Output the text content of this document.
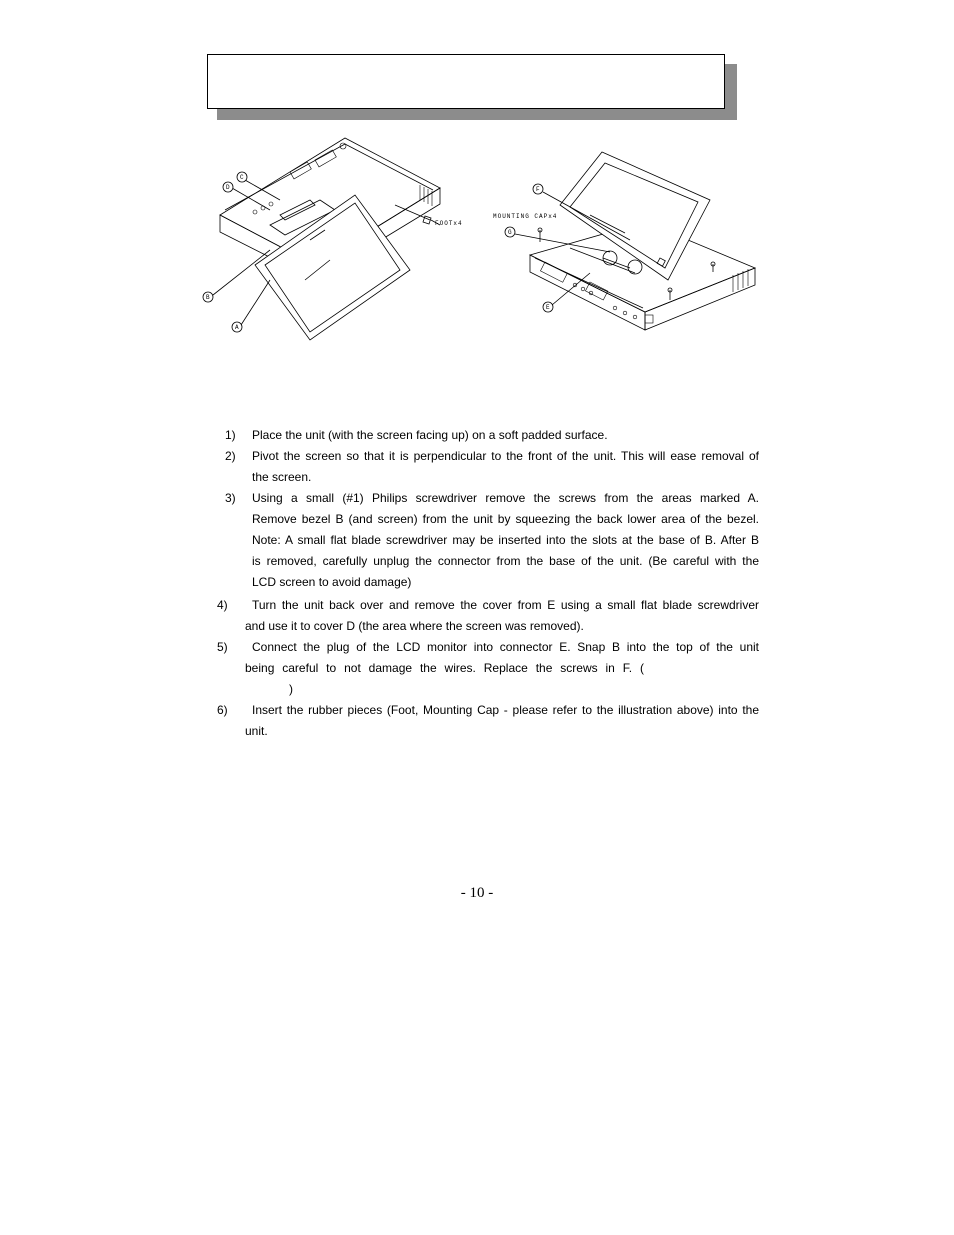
C
D
B
A
FOOTx4
F
G
E
MOUNTING CAPx4
1) Place the unit (with the screen facing up) on a soft padded surface.
2) Pivot the screen so that it is perpendicular to the front of the unit. This will ease removal of
the screen.
3) Using a small (#1) Philips screwdriver remove the screws from the areas marked A.
Remove bezel B (and screen) from the unit by squeezing the back lower area of the bezel.
Note: A small flat blade screwdriver may be inserted into the slots at the base of B. After B
is removed, carefully unplug the connector from the base of the unit. (Be careful with the
LCD screen to avoid damage)
4) Turn the unit back over and remove the cover from E using a small flat blade screwdriver
and use it to cover D (the area where the screen was removed).
5) Connect the plug of the LCD monitor into connector E. Snap B into the top of the unit
being careful to not damage the wires. Replace the screws in F. (
)
6) Insert the rubber pieces (Foot, Mounting Cap - please refer to the illustration above) into the
unit.
- 10 -
